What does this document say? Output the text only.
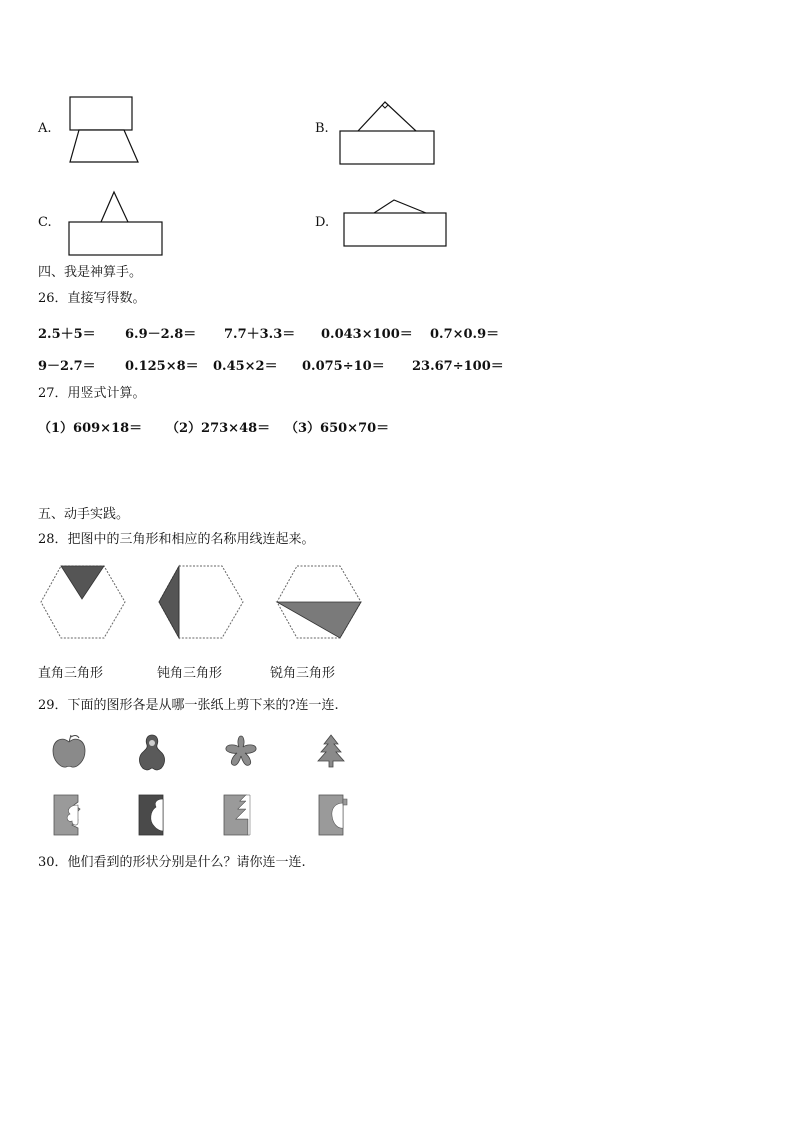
A.	B.
C.	D.
四、我是神算手。
26．直接写得数。
2.5＋5＝ 6.9－2.8＝ 7.7＋3.3＝ 0.043×100＝ 0.7×0.9＝
9－2.7＝ 0.125×8＝ 0.45×2＝ 0.075÷10＝ 23.67÷100＝
27．用竖式计算。
（1）609×18＝ （2）273×48＝ （3）650×70＝
五、动手实践。
28．把图中的三角形和相应的名称用线连起来。
直角三角形	钝角三角形	锐角三角形
29．下面的图形各是从哪一张纸上剪下来的?连一连.
30．他们看到的形状分别是什么？请你连一连.
